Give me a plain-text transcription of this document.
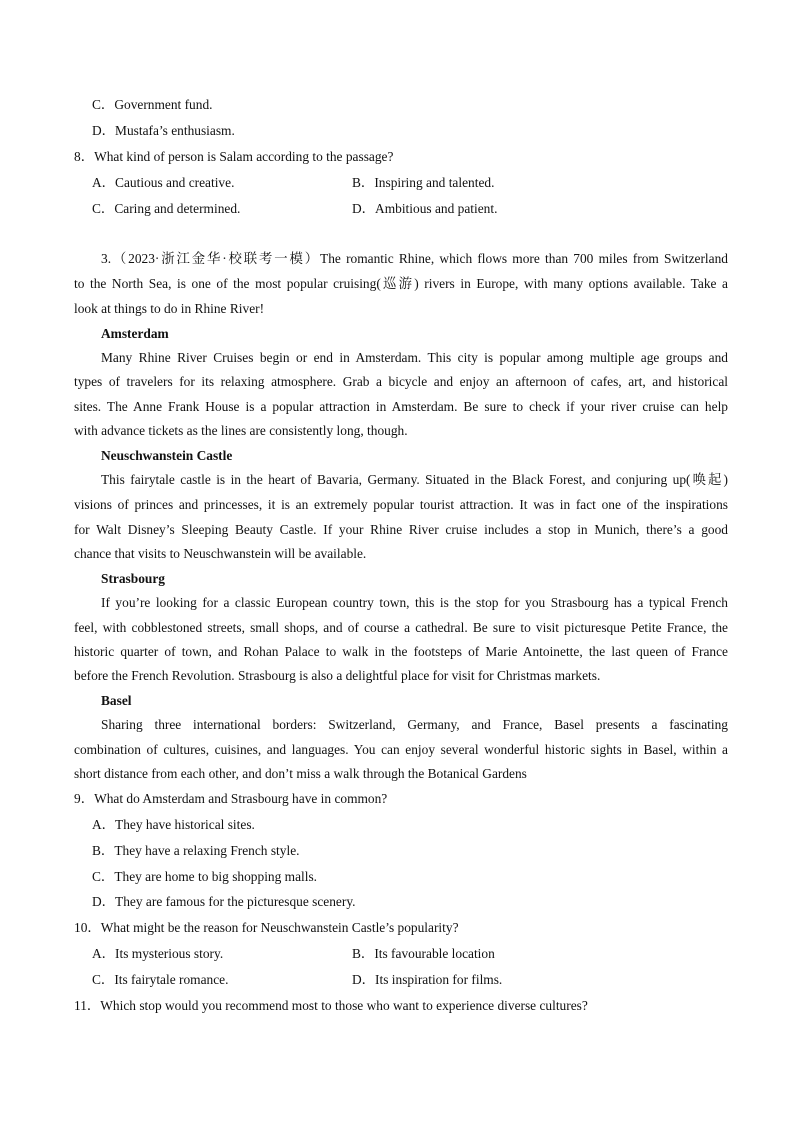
C．Government fund.
D．Mustafa’s enthusiasm.
8．What kind of person is Salam according to the passage?
A．Cautious and creative.	B．Inspiring and talented.
C．Caring and determined.	D．Ambitious and patient.
3.（2023·浙江金华·校联考一模）The romantic Rhine, which flows more than 700 miles from Switzerland
to the North Sea, is one of the most popular cruising(巡游) rivers in Europe, with many options available. Take a
look at things to do in Rhine River!
Amsterdam
Many Rhine River Cruises begin or end in Amsterdam. This city is popular among multiple age groups and
types of travelers for its relaxing atmosphere. Grab a bicycle and enjoy an afternoon of cafes, art, and historical
sites. The Anne Frank House is a popular attraction in Amsterdam. Be sure to check if your river cruise can help
with advance tickets as the lines are consistently long, though.
Neuschwanstein Castle
This fairytale castle is in the heart of Bavaria, Germany. Situated in the Black Forest, and conjuring up(唤起)
visions of princes and princesses, it is an extremely popular tourist attraction. It was in fact one of the inspirations
for Walt Disney’s Sleeping Beauty Castle. If your Rhine River cruise includes a stop in Munich, there’s a good
chance that visits to Neuschwanstein will be available.
Strasbourg
If you’re looking for a classic European country town, this is the stop for you Strasbourg has a typical French
feel, with cobblestoned streets, small shops, and of course a cathedral. Be sure to visit picturesque Petite France, the
historic quarter of town, and Rohan Palace to walk in the footsteps of Marie Antoinette, the last queen of France
before the French Revolution. Strasbourg is also a delightful place for visit for Christmas markets.
Basel
Sharing three international borders: Switzerland, Germany, and France, Basel presents a fascinating
combination of cultures, cuisines, and languages. You can enjoy several wonderful historic sights in Basel, within a
short distance from each other, and don’t miss a walk through the Botanical Gardens
9．What do Amsterdam and Strasbourg have in common?
A．They have historical sites.
B．They have a relaxing French style.
C．They are home to big shopping malls.
D．They are famous for the picturesque scenery.
10．What might be the reason for Neuschwanstein Castle’s popularity?
A．Its mysterious story.	B．Its favourable location
C．Its fairytale romance.	D．Its inspiration for films.
11．Which stop would you recommend most to those who want to experience diverse cultures?
